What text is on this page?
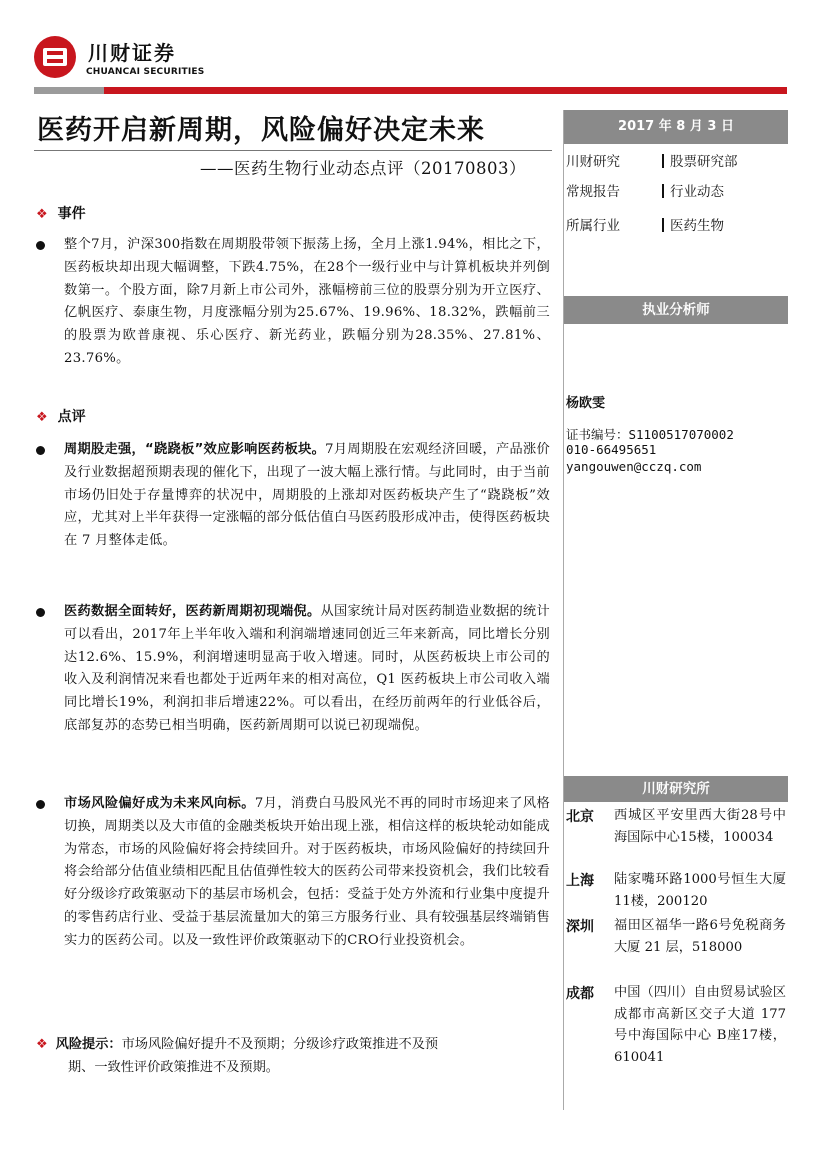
川财证券
CHUANCAI SECURITIES
医药开启新周期，风险偏好决定未来
——医药生物行业动态点评（20170803）
❖ 事件
整个7月，沪深300指数在周期股带领下振荡上扬，全月上涨1.94%，相比之下，医药板块却出现大幅调整，下跌4.75%，在28个一级行业中与计算机板块并列倒数第一。个股方面，除7月新上市公司外，涨幅榜前三位的股票分别为开立医疗、亿帆医疗、泰康生物，月度涨幅分别为25.67%、19.96%、18.32%，跌幅前三的股票为欧普康视、乐心医疗、新光药业，跌幅分别为28.35%、27.81%、23.76%。
❖ 点评
周期股走强，“跷跷板”效应影响医药板块。7月周期股在宏观经济回暖，产品涨价及行业数据超预期表现的催化下，出现了一波大幅上涨行情。与此同时，由于当前市场仍旧处于存量博弈的状况中，周期股的上涨却对医药板块产生了“跷跷板”效应，尤其对上半年获得一定涨幅的部分低估值白马医药股形成冲击，使得医药板块在 7 月整体走低。
医药数据全面转好，医药新周期初现端倪。从国家统计局对医药制造业数据的统计可以看出，2017年上半年收入端和利润端增速同创近三年来新高，同比增长分别达12.6%、15.9%，利润增速明显高于收入增速。同时，从医药板块上市公司的收入及利润情况来看也都处于近两年来的相对高位，Q1 医药板块上市公司收入端同比增长19%，利润扣非后增速22%。可以看出，在经历前两年的行业低谷后，底部复苏的态势已相当明确，医药新周期可以说已初现端倪。
市场风险偏好成为未来风向标。7月，消费白马股风光不再的同时市场迎来了风格切换，周期类以及大市值的金融类板块开始出现上涨，相信这样的板块轮动如能成为常态，市场的风险偏好将会持续回升。对于医药板块，市场风险偏好的持续回升将会给部分估值业绩相匹配且估值弹性较大的医药公司带来投资机会，我们比较看好分级诊疗政策驱动下的基层市场机会，包括：受益于处方外流和行业集中度提升的零售药店行业、受益于基层流量加大的第三方服务行业、具有较强基层终端销售实力的医药公司。以及一致性评价政策驱动下的CRO行业投资机会。
❖ 风险提示：市场风险偏好提升不及预期；分级诊疗政策推进不及预
期、一致性评价政策推进不及预期。
2017 年 8 月 3 日
川财研究	股票研究部
常规报告	行业动态
所属行业	医药生物
执业分析师
杨欧雯
证书编号：S1100517070002
010-66495651
yangouwen@cczq.com
川财研究所
北京 西城区平安里西大街28号中海国际中心15楼，100034
上海 陆家嘴环路1000号恒生大厦11楼，200120
深圳 福田区福华一路6号免税商务大厦 21 层，518000
成都 中国（四川）自由贸易试验区成都市高新区交子大道 177 号中海国际中心 B座17楼，610041
